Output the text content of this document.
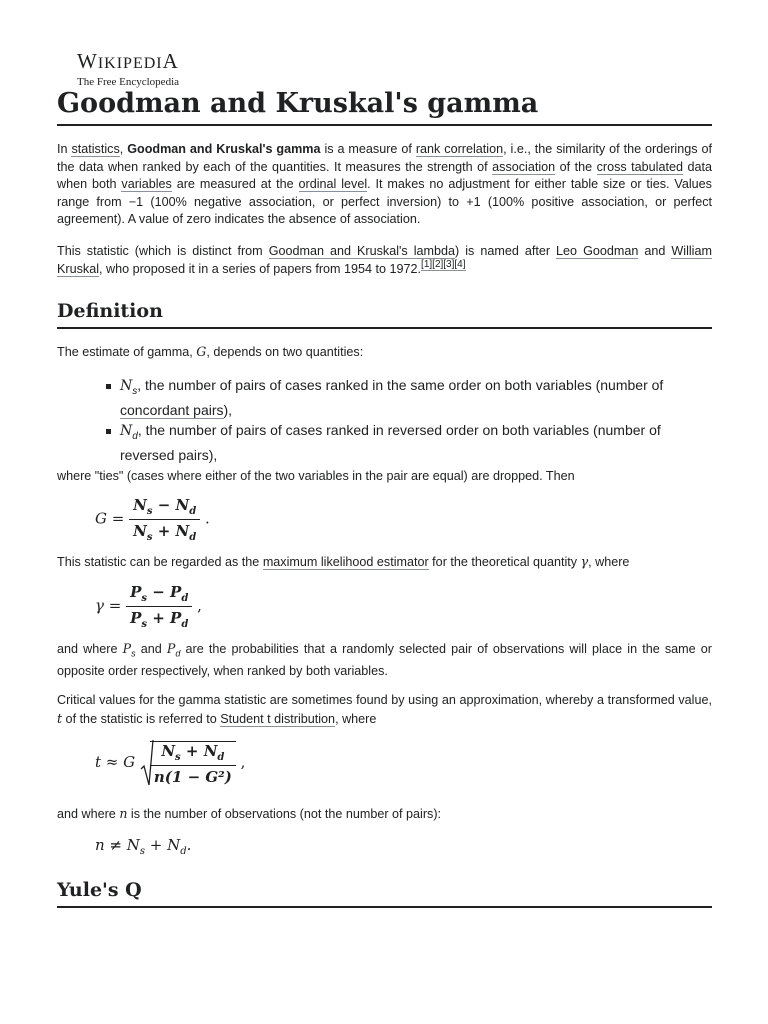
WIKIPEDIA
The Free Encyclopedia
Goodman and Kruskal's gamma

In statistics, Goodman and Kruskal's gamma is a measure of rank correlation, i.e., the similarity of the orderings of the data when ranked by each of the quantities. It measures the strength of association of the cross tabulated data when both variables are measured at the ordinal level. It makes no adjustment for either table size or ties. Values range from −1 (100% negative association, or perfect inversion) to +1 (100% positive association, or perfect agreement). A value of zero indicates the absence of association.

This statistic (which is distinct from Goodman and Kruskal's lambda) is named after Leo Goodman and William Kruskal, who proposed it in a series of papers from 1954 to 1972.[1][2][3][4]

Definition

The estimate of gamma, G, depends on two quantities:

$N_s$, the number of pairs of cases ranked in the same order on both variables (number of concordant pairs),
$N_d$, the number of pairs of cases ranked in reversed order on both variables (number of reversed pairs),

where "ties" (cases where either of the two variables in the pair are equal) are dropped. Then

$G = \frac{N_s - N_d}{N_s + N_d}$ .

This statistic can be regarded as the maximum likelihood estimator for the theoretical quantity γ, where

$\gamma = \frac{P_s - P_d}{P_s + P_d}$ ,

and where $P_s$ and $P_d$ are the probabilities that a randomly selected pair of observations will place in the same or opposite order respectively, when ranked by both variables.

Critical values for the gamma statistic are sometimes found by using an approximation, whereby a transformed value, t of the statistic is referred to Student t distribution, where

t ≈ G $\frac{N_s + N_d}{\text{n(1 − G²)}}$ ,

and where n is the number of observations (not the number of pairs):

$n \ne N_s + N_d$.
Yule's Q
